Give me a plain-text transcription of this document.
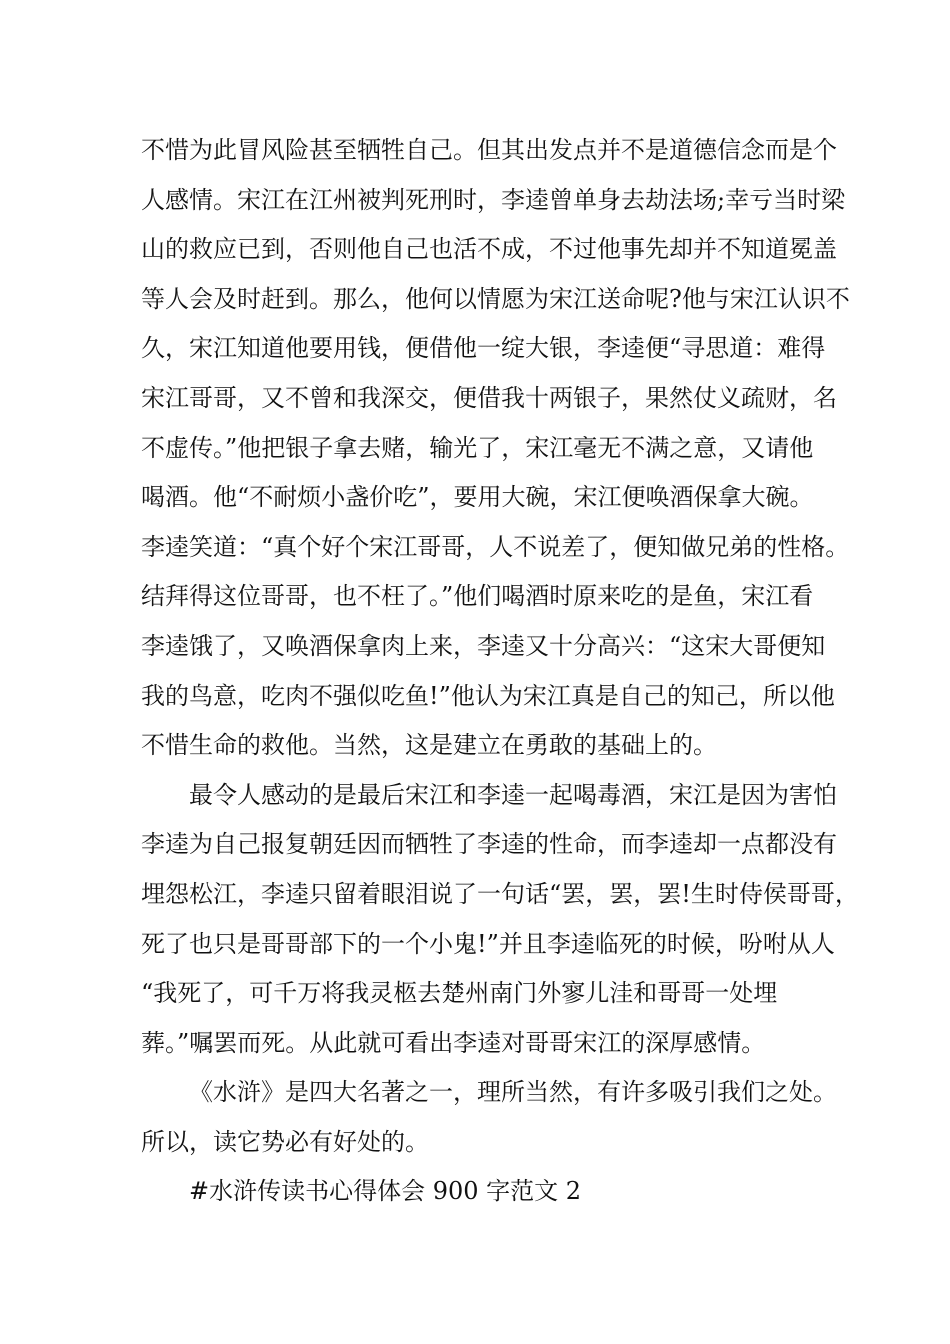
不惜为此冒风险甚至牺牲自己。但其出发点并不是道德信念而是个
人感情。宋江在江州被判死刑时，李逵曾单身去劫法场;幸亏当时梁
山的救应已到，否则他自己也活不成，不过他事先却并不知道冕盖
等人会及时赶到。那么，他何以情愿为宋江送命呢?他与宋江认识不
久，宋江知道他要用钱，便借他一绽大银，李逵便“寻思道：难得
宋江哥哥，又不曾和我深交，便借我十两银子，果然仗义疏财，名
不虚传。”他把银子拿去赌，输光了，宋江毫无不满之意，又请他
喝酒。他“不耐烦小盏价吃”，要用大碗，宋江便唤酒保拿大碗。
李逵笑道：“真个好个宋江哥哥，人不说差了，便知做兄弟的性格。
结拜得这位哥哥，也不枉了。”他们喝酒时原来吃的是鱼，宋江看
李逵饿了，又唤酒保拿肉上来，李逵又十分高兴：“这宋大哥便知
我的鸟意，吃肉不强似吃鱼!”他认为宋江真是自己的知己，所以他
不惜生命的救他。当然，这是建立在勇敢的基础上的。
最令人感动的是最后宋江和李逵一起喝毒酒，宋江是因为害怕
李逵为自己报复朝廷因而牺牲了李逵的性命，而李逵却一点都没有
埋怨松江，李逵只留着眼泪说了一句话“罢，罢，罢!生时侍侯哥哥，
死了也只是哥哥部下的一个小鬼!”并且李逵临死的时候，吩咐从人
“我死了，可千万将我灵柩去楚州南门外寥儿洼和哥哥一处埋
葬。”嘱罢而死。从此就可看出李逵对哥哥宋江的深厚感情。
《水浒》是四大名著之一，理所当然，有许多吸引我们之处。
所以，读它势必有好处的。
#水浒传读书心得体会 900 字范文 2
